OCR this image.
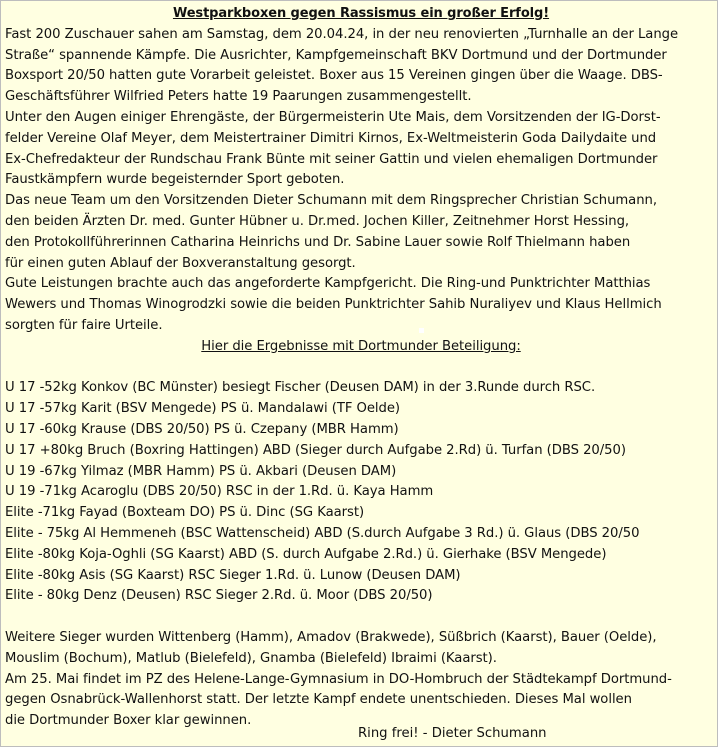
Westparkboxen gegen Rassismus ein großer Erfolg!
Fast 200 Zuschauer sahen am Samstag, dem 20.04.24, in der neu renovierten „Turnhalle an der Lange
Straße“ spannende Kämpfe. Die Ausrichter, Kampfgemeinschaft BKV Dortmund und der Dortmunder
Boxsport 20/50 hatten gute Vorarbeit geleistet. Boxer aus 15 Vereinen gingen über die Waage. DBS-
Geschäftsführer Wilfried Peters hatte 19 Paarungen zusammengestellt.
Unter den Augen einiger Ehrengäste, der Bürgermeisterin Ute Mais, dem Vorsitzenden der IG-Dorst-
felder Vereine Olaf Meyer, dem Meistertrainer Dimitri Kirnos, Ex-Weltmeisterin Goda Dailydaite und
Ex-Chefredakteur der Rundschau Frank Bünte mit seiner Gattin und vielen ehemaligen Dortmunder
Faustkämpfern wurde begeisternder Sport geboten.
Das neue Team um den Vorsitzenden Dieter Schumann mit dem Ringsprecher Christian Schumann,
den beiden Ärzten Dr. med. Gunter Hübner u. Dr.med. Jochen Killer, Zeitnehmer Horst Hessing,
den Protokollführerinnen Catharina Heinrichs und Dr. Sabine Lauer sowie Rolf Thielmann haben
für einen guten Ablauf der Boxveranstaltung gesorgt.
Gute Leistungen brachte auch das angeforderte Kampfgericht. Die Ring-und Punktrichter Matthias
Wewers und Thomas Winogrodzki sowie die beiden Punktrichter Sahib Nuraliyev und Klaus Hellmich
sorgten für faire Urteile.
Hier die Ergebnisse mit Dortmunder Beteiligung:
U 17 -52kg Konkov (BC Münster) besiegt Fischer (Deusen DAM) in der 3.Runde durch RSC.
U 17 -57kg Karit (BSV Mengede) PS ü. Mandalawi (TF Oelde)
U 17 -60kg Krause (DBS 20/50) PS ü. Czepany (MBR Hamm)
U 17 +80kg Bruch (Boxring Hattingen) ABD (Sieger durch Aufgabe 2.Rd) ü. Turfan (DBS 20/50)
U 19 -67kg Yilmaz (MBR Hamm) PS ü. Akbari (Deusen DAM)
U 19 -71kg Acaroglu (DBS 20/50) RSC in der 1.Rd. ü. Kaya Hamm
Elite -71kg Fayad (Boxteam DO) PS ü. Dinc (SG Kaarst)
Elite - 75kg Al Hemmeneh (BSC Wattenscheid) ABD (S.durch Aufgabe 3 Rd.) ü. Glaus (DBS 20/50
Elite -80kg Koja-Oghli (SG Kaarst) ABD (S. durch Aufgabe 2.Rd.) ü. Gierhake (BSV Mengede)
Elite -80kg Asis (SG Kaarst) RSC Sieger 1.Rd. ü. Lunow (Deusen DAM)
Elite - 80kg Denz (Deusen) RSC Sieger 2.Rd. ü. Moor (DBS 20/50)
Weitere Sieger wurden Wittenberg (Hamm), Amadov (Brakwede), Süßbrich (Kaarst), Bauer (Oelde),
Mouslim (Bochum), Matlub (Bielefeld), Gnamba (Bielefeld) Ibraimi (Kaarst).
Am 25. Mai findet im PZ des Helene-Lange-Gymnasium in DO-Hombruch der Städtekampf Dortmund-
gegen Osnabrück-Wallenhorst statt. Der letzte Kampf endete unentschieden. Dieses Mal wollen
die Dortmunder Boxer klar gewinnen.
Ring frei! - Dieter Schumann
